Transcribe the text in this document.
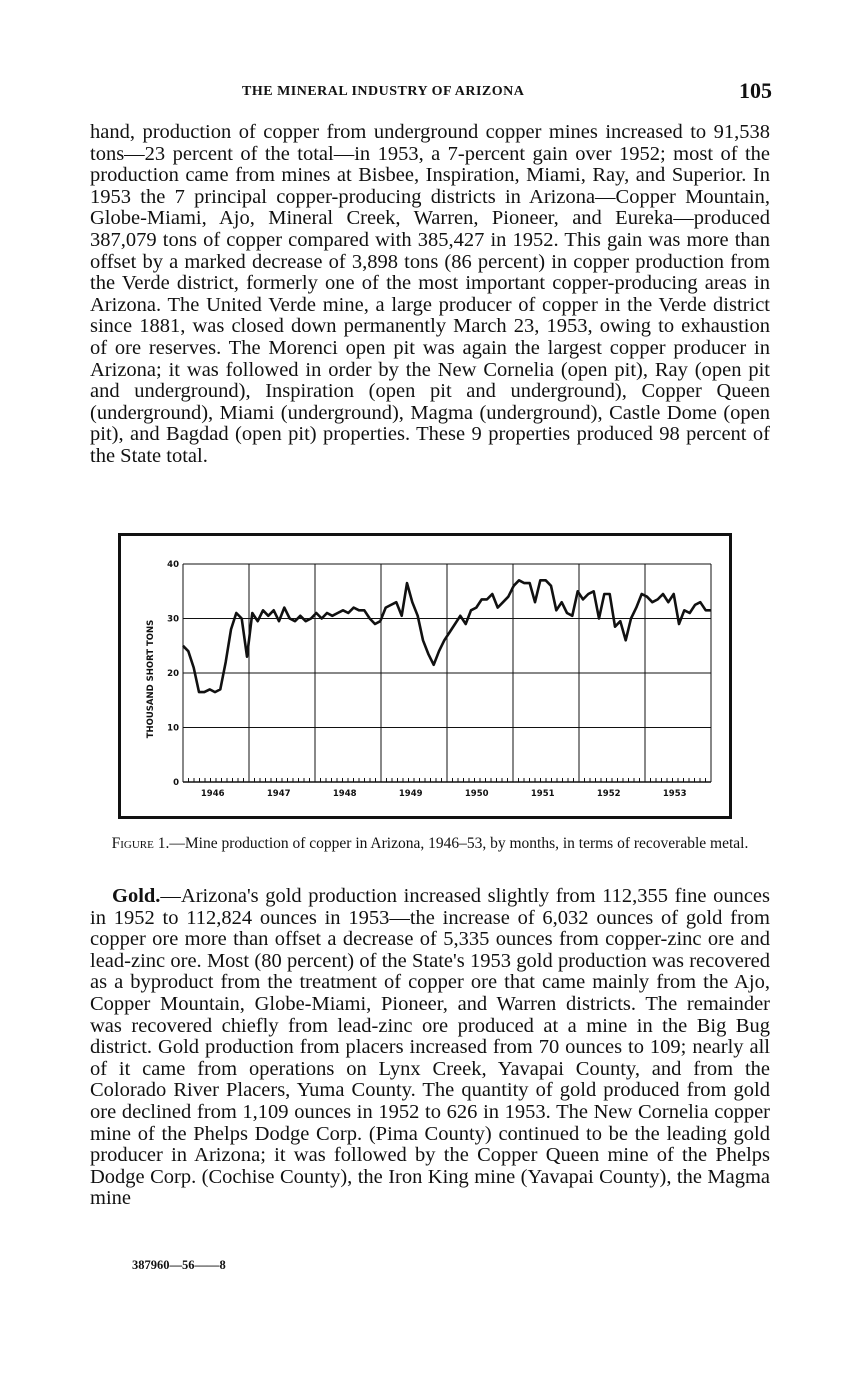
THE MINERAL INDUSTRY OF ARIZONA	105

hand, production of copper from underground copper mines increased to 91,538 tons—23 percent of the total—in 1953, a 7-percent gain over 1952; most of the production came from mines at Bisbee, Inspiration, Miami, Ray, and Superior. In 1953 the 7 principal copper-producing districts in Arizona—Copper Mountain, Globe-Miami, Ajo, Mineral Creek, Warren, Pioneer, and Eureka—produced 387,079 tons of copper compared with 385,427 in 1952. This gain was more than offset by a marked decrease of 3,898 tons (86 percent) in copper production from the Verde district, formerly one of the most important copper-producing areas in Arizona. The United Verde mine, a large producer of copper in the Verde district since 1881, was closed down permanently March 23, 1953, owing to exhaustion of ore reserves. The Morenci open pit was again the largest copper producer in Arizona; it was followed in order by the New Cornelia (open pit), Ray (open pit and underground), Inspiration (open pit and underground), Copper Queen (underground), Miami (underground), Magma (underground), Castle Dome (open pit), and Bagdad (open pit) properties. These 9 properties produced 98 percent of the State total.

0
10
20
30
40
1946	1947	1948	1949	1950	1951	1952	1953
THOUSAND SHORT TONS
Figure 1.—Mine production of copper in Arizona, 1946–53, by months, in terms of recoverable metal.

Gold.—Arizona's gold production increased slightly from 112,355 fine ounces in 1952 to 112,824 ounces in 1953—the increase of 6,032 ounces of gold from copper ore more than offset a decrease of 5,335 ounces from copper-zinc ore and lead-zinc ore. Most (80 percent) of the State's 1953 gold production was recovered as a byproduct from the treatment of copper ore that came mainly from the Ajo, Copper Mountain, Globe-Miami, Pioneer, and Warren districts. The remainder was recovered chiefly from lead-zinc ore produced at a mine in the Big Bug district. Gold production from placers increased from 70 ounces to 109; nearly all of it came from operations on Lynx Creek, Yavapai County, and from the Colorado River Placers, Yuma County. The quantity of gold produced from gold ore declined from 1,109 ounces in 1952 to 626 in 1953. The New Cornelia copper mine of the Phelps Dodge Corp. (Pima County) continued to be the leading gold producer in Arizona; it was followed by the Copper Queen mine of the Phelps Dodge Corp. (Cochise County), the Iron King mine (Yavapai County), the Magma mine

387960—56——8
